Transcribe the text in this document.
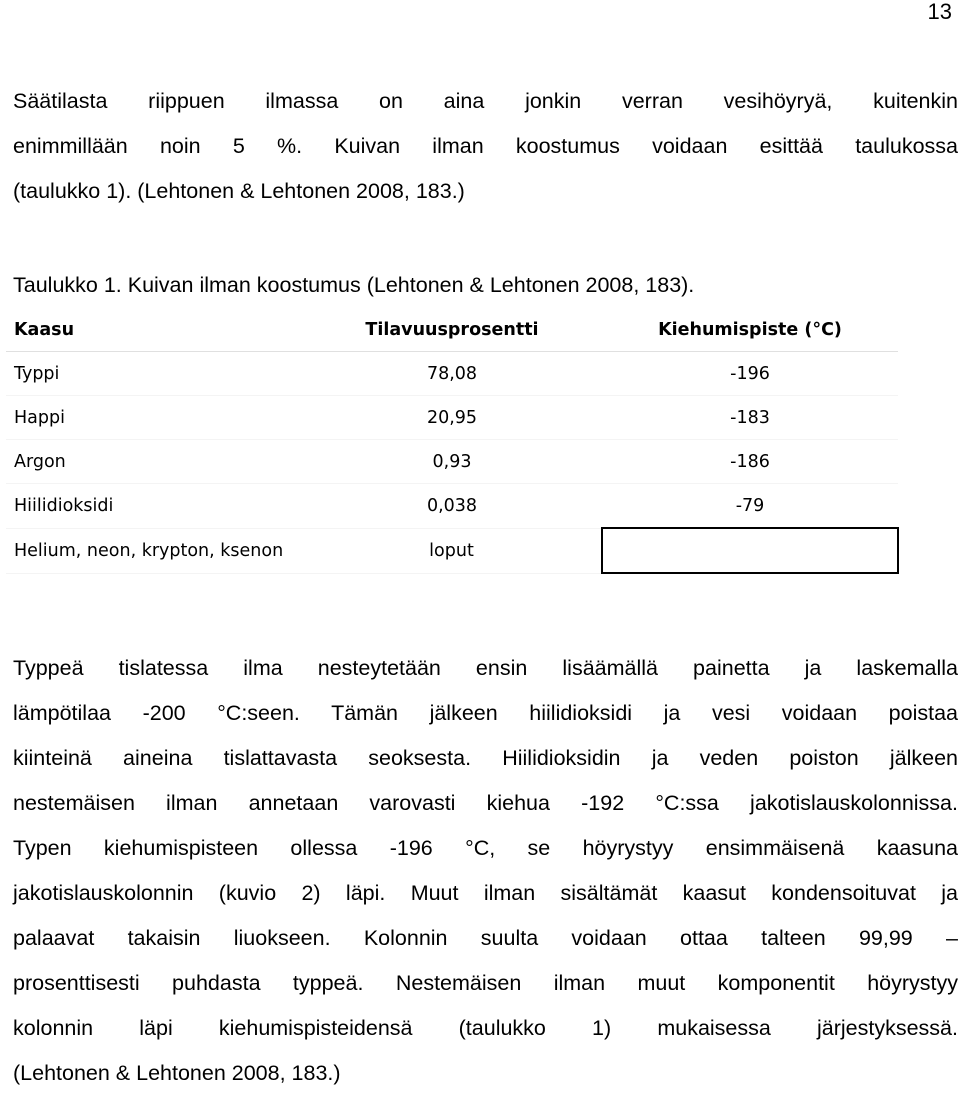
13
Säätilasta riippuen ilmassa on aina jonkin verran vesihöyryä, kuitenkin
enimmillään noin 5 %. Kuivan ilman koostumus voidaan esittää taulukossa
(taulukko 1). (Lehtonen & Lehtonen 2008, 183.)
Taulukko 1. Kuivan ilman koostumus (Lehtonen & Lehtonen 2008, 183).
Kaasu	Tilavuusprosentti	Kiehumispiste (°C)
Typpi	78,08	-196
Happi	20,95	-183
Argon	0,93	-186
Hiilidioksidi	0,038	-79
Helium, neon, krypton, ksenon	loput	
Typpeä tislatessa ilma nesteytetään ensin lisäämällä painetta ja laskemalla
lämpötilaa -200 °C:seen. Tämän jälkeen hiilidioksidi ja vesi voidaan poistaa
kiinteinä aineina tislattavasta seoksesta. Hiilidioksidin ja veden poiston jälkeen
nestemäisen ilman annetaan varovasti kiehua -192 °C:ssa jakotislauskolonnissa.
Typen kiehumispisteen ollessa -196 °C, se höyrystyy ensimmäisenä kaasuna
jakotislauskolonnin (kuvio 2) läpi. Muut ilman sisältämät kaasut kondensoituvat ja
palaavat takaisin liuokseen. Kolonnin suulta voidaan ottaa talteen 99,99 –
prosenttisesti puhdasta typpeä. Nestemäisen ilman muut komponentit höyrystyy
kolonnin läpi kiehumispisteidensä (taulukko 1) mukaisessa järjestyksessä.
(Lehtonen & Lehtonen 2008, 183.)
